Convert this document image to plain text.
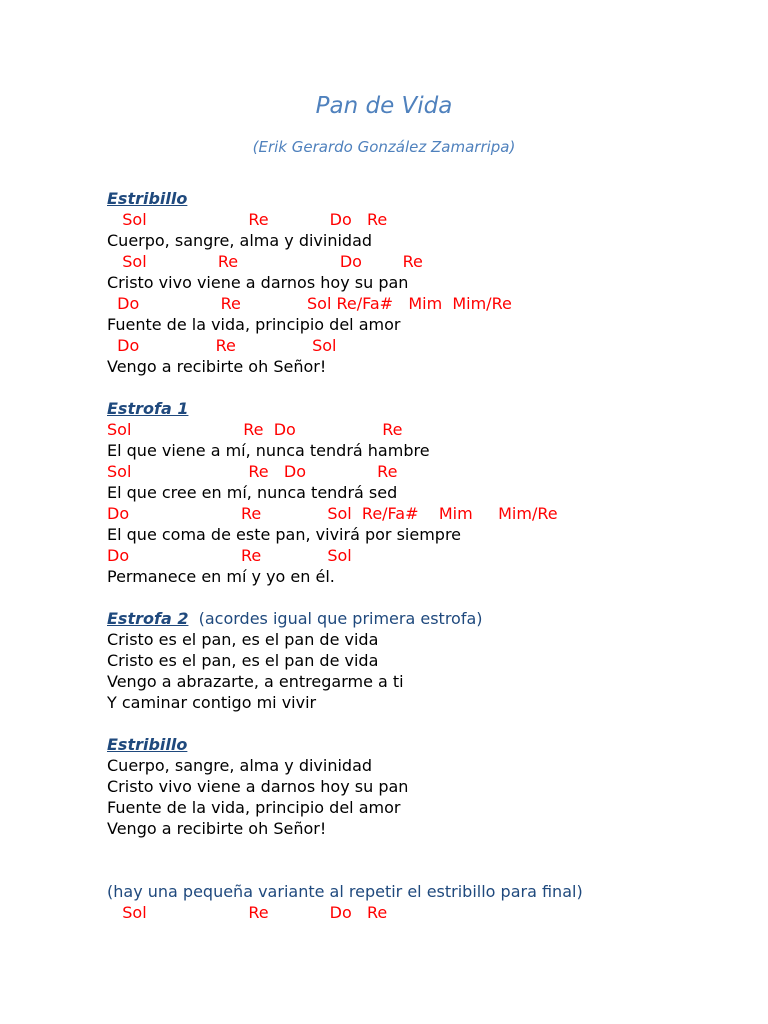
Pan de Vida
(Erik Gerardo González Zamarripa)
Estribillo
Sol                    Re            Do   Re
Cuerpo, sangre, alma y divinidad
Sol              Re                    Do        Re
Cristo vivo viene a darnos hoy su pan
Do                Re             Sol Re/Fa#   Mim  Mim/Re
Fuente de la vida, principio del amor
Do               Re               Sol
Vengo a recibirte oh Señor!
Estrofa 1
Sol                      Re  Do                 Re
El que viene a mí, nunca tendrá hambre
Sol                       Re   Do              Re
El que cree en mí, nunca tendrá sed
Do                      Re             Sol  Re/Fa#    Mim     Mim/Re
El que coma de este pan, vivirá por siempre
Do                      Re             Sol
Permanece en mí y yo en él.
Estrofa 2  (acordes igual que primera estrofa)
Cristo es el pan, es el pan de vida
Cristo es el pan, es el pan de vida
Vengo a abrazarte, a entregarme a ti
Y caminar contigo mi vivir
Estribillo
Cuerpo, sangre, alma y divinidad
Cristo vivo viene a darnos hoy su pan
Fuente de la vida, principio del amor
Vengo a recibirte oh Señor!
(hay una pequeña variante al repetir el estribillo para final)
Sol                    Re            Do   Re
